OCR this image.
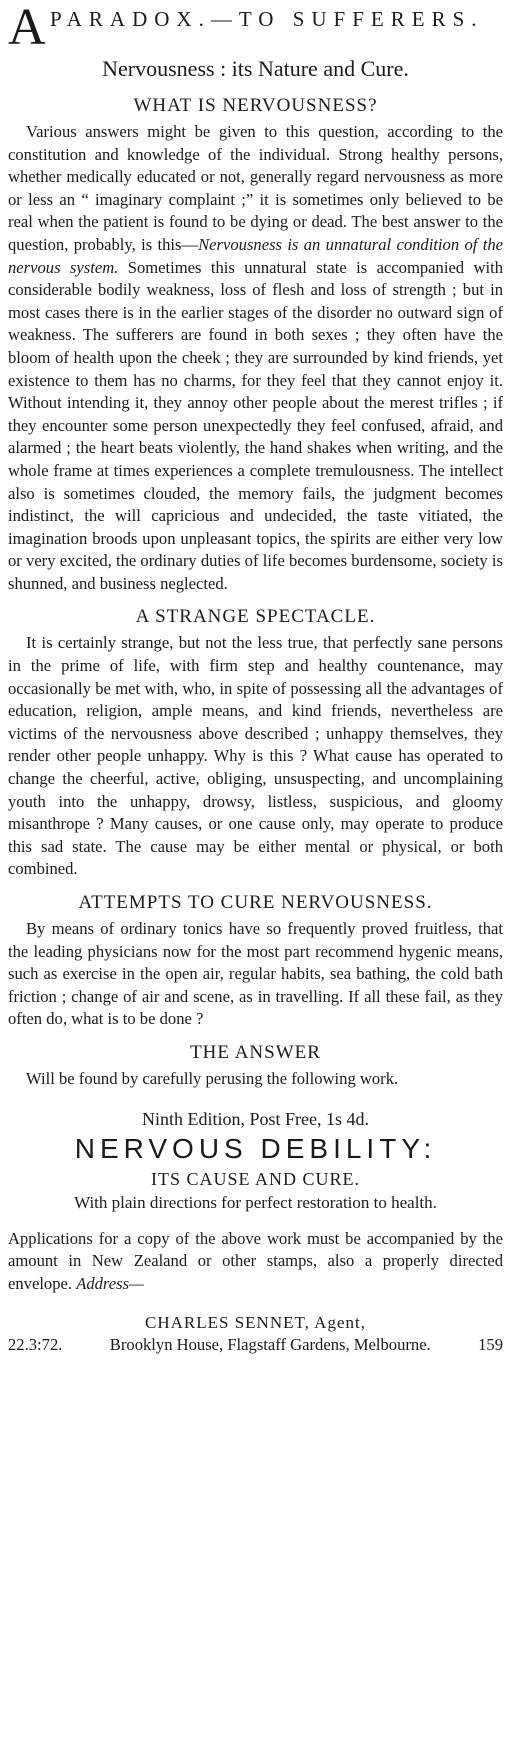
A PARADOX.—TO SUFFERERS.
Nervousness : its Nature and Cure.
WHAT IS NERVOUSNESS?

Various answers might be given to this question, according to the constitution and knowledge of the individual. Strong healthy persons, whether medically educated or not, generally regard nervousness as more or less an “ imaginary complaint ;” it is sometimes only believed to be real when the patient is found to be dying or dead. The best answer to the question, probably, is this—Nervousness is an unnatural condition of the nervous system. Sometimes this unnatural state is accompanied with considerable bodily weakness, loss of flesh and loss of strength ; but in most cases there is in the earlier stages of the disorder no outward sign of weakness. The sufferers are found in both sexes ; they often have the bloom of health upon the cheek ; they are surrounded by kind friends, yet existence to them has no charms, for they feel that they cannot enjoy it. Without intending it, they annoy other people about the merest trifles ; if they encounter some person unexpectedly they feel confused, afraid, and alarmed ; the heart beats violently, the hand shakes when writing, and the whole frame at times experiences a complete tremulousness. The intellect also is sometimes clouded, the memory fails, the judgment becomes indistinct, the will capricious and undecided, the taste vitiated, the imagination broods upon unpleasant topics, the spirits are either very low or very excited, the ordinary duties of life becomes burdensome, society is shunned, and business neglected.

A STRANGE SPECTACLE.

It is certainly strange, but not the less true, that perfectly sane persons in the prime of life, with firm step and healthy countenance, may occasionally be met with, who, in spite of possessing all the advantages of education, religion, ample means, and kind friends, nevertheless are victims of the nervousness above described ; unhappy themselves, they render other people unhappy. Why is this ? What cause has operated to change the cheerful, active, obliging, unsuspecting, and uncomplaining youth into the unhappy, drowsy, listless, suspicious, and gloomy misanthrope ? Many causes, or one cause only, may operate to produce this sad state. The cause may be either mental or physical, or both combined.

ATTEMPTS TO CURE NERVOUSNESS.

By means of ordinary tonics have so frequently proved fruitless, that the leading physicians now for the most part recommend hygenic means, such as exercise in the open air, regular habits, sea bathing, the cold bath friction ; change of air and scene, as in travelling. If all these fail, as they often do, what is to be done ?

THE ANSWER

Will be found by carefully perusing the following work.

Ninth Edition, Post Free, 1s 4d.
NERVOUS DEBILITY:
ITS CAUSE AND CURE.
With plain directions for perfect restoration to health.

Applications for a copy of the above work must be accompanied by the amount in New Zealand or other stamps, also a properly directed envelope. Address—

CHARLES SENNET, Agent,
22.3:72.	Brooklyn House, Flagstaff Gardens, Melbourne.	159
